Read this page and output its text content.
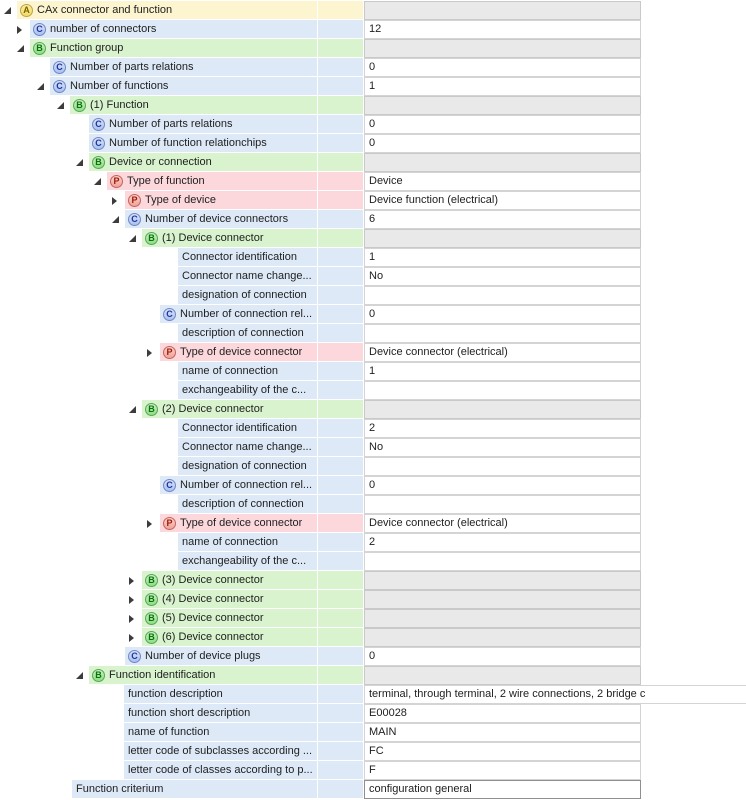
A CAx connector and function
C number of connectors	12
B Function group
C Number of parts relations	0
C Number of functions	1
B (1) Function
C Number of parts relations	0
C Number of function relationchips	0
B Device or connection
P Type of function	Device
P Type of device	Device function (electrical)
C Number of device connectors	6
B (1) Device connector
Connector identification	1
Connector name change...	No
designation of connection
C Number of connection rel...	0
description of connection
P Type of device connector	Device connector (electrical)
name of connection	1
exchangeability of the c...
B (2) Device connector
Connector identification	2
Connector name change...	No
designation of connection
C Number of connection rel...	0
description of connection
P Type of device connector	Device connector (electrical)
name of connection	2
exchangeability of the c...
B (3) Device connector
B (4) Device connector
B (5) Device connector
B (6) Device connector
C Number of device plugs	0
B Function identification
function description	terminal, through terminal, 2 wire connections, 2 bridge c
function short description	E00028
name of function	MAIN
letter code of subclasses according ...	FC
letter code of classes according to p...	F
Function criterium	configuration general
